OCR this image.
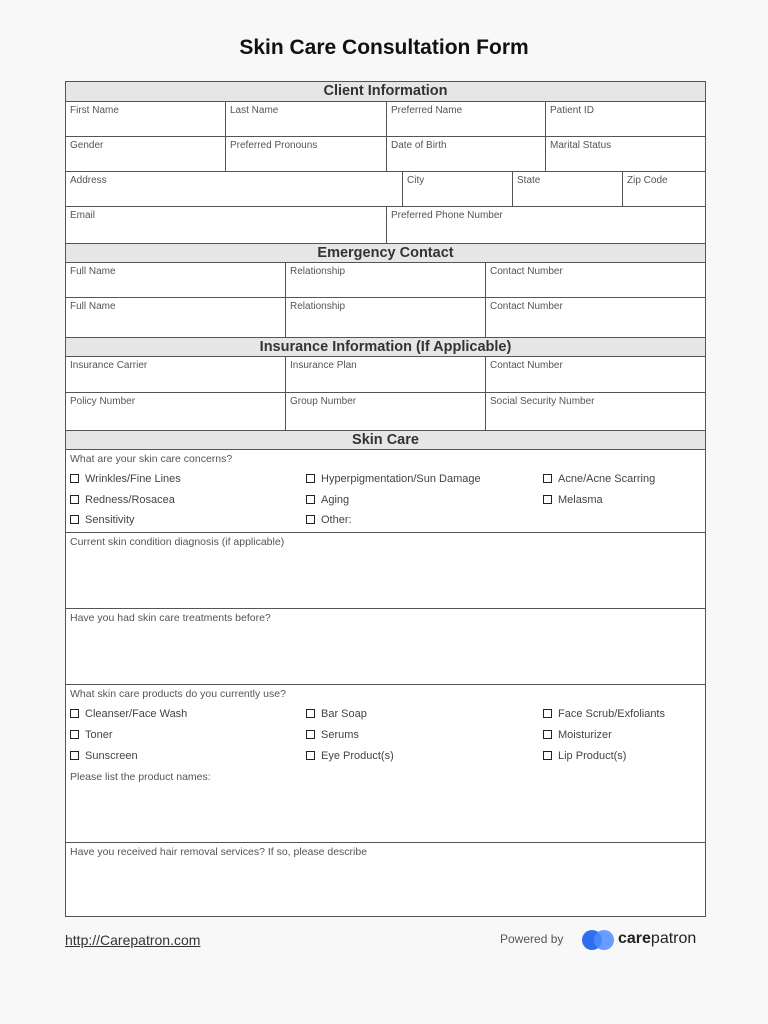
Skin Care Consultation Form
Client Information
First Name	Last Name	Preferred Name	Patient ID
Gender	Preferred Pronouns	Date of Birth	Marital Status
Address	City	State	Zip Code
Email	Preferred Phone Number
Emergency Contact
Full Name	Relationship	Contact Number
Full Name	Relationship	Contact Number
Insurance Information (If Applicable)
Insurance Carrier	Insurance Plan	Contact Number
Policy Number	Group Number	Social Security Number
Skin Care
What are your skin care concerns?
Wrinkles/Fine Lines	Hyperpigmentation/Sun Damage	Acne/Acne Scarring
Redness/Rosacea	Aging	Melasma
Sensitivity	Other:
Current skin condition diagnosis (if applicable)
Have you had skin care treatments before?
What skin care products do you currently use?
Cleanser/Face Wash	Bar Soap	Face Scrub/Exfoliants
Toner	Serums	Moisturizer
Sunscreen	Eye Product(s)	Lip Product(s)
Please list the product names:
Have you received hair removal services? If so, please describe
http://Carepatron.com	Powered by	carepatron
